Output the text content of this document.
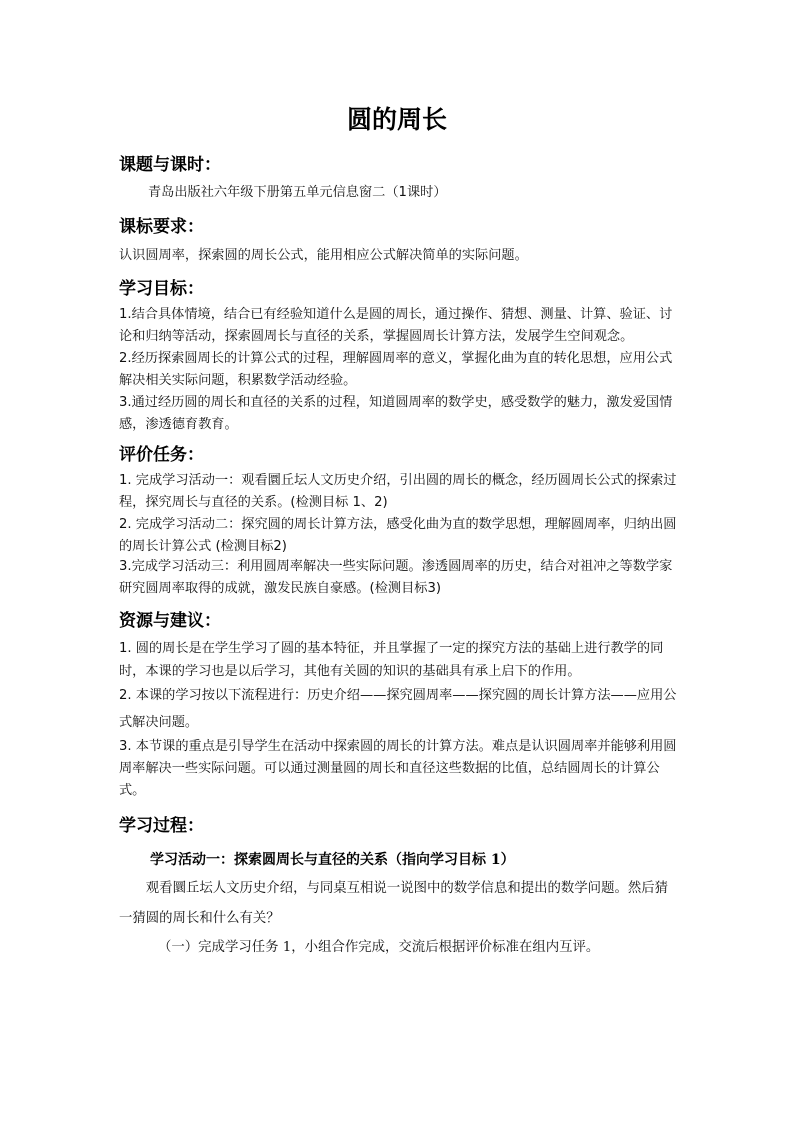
圆的周长
课题与课时：
青岛出版社六年级下册第五单元信息窗二（1课时）
课标要求：
认识圆周率，探索圆的周长公式，能用相应公式解决简单的实际问题。
学习目标：
1.结合具体情境，结合已有经验知道什么是圆的周长，通过操作、猜想、测量、计算、验证、讨论和归纳等活动，探索圆周长与直径的关系，掌握圆周长计算方法，发展学生空间观念。
2.经历探索圆周长的计算公式的过程，理解圆周率的意义，掌握化曲为直的转化思想，应用公式解决相关实际问题，积累数学活动经验。
3.通过经历圆的周长和直径的关系的过程，知道圆周率的数学史，感受数学的魅力，激发爱国情感，渗透德育教育。
评价任务：
1. 完成学习活动一：观看圜丘坛人文历史介绍，引出圆的周长的概念，经历圆周长公式的探索过程，探究周长与直径的关系。(检测目标 1、2)
2. 完成学习活动二：探究圆的周长计算方法，感受化曲为直的数学思想，理解圆周率，归纳出圆的周长计算公式 (检测目标2)
3.完成学习活动三：利用圆周率解决一些实际问题。渗透圆周率的历史，结合对祖冲之等数学家研究圆周率取得的成就，激发民族自豪感。(检测目标3)
资源与建议：
1. 圆的周长是在学生学习了圆的基本特征，并且掌握了一定的探究方法的基础上进行教学的同时，本课的学习也是以后学习，其他有关圆的知识的基础具有承上启下的作用。
2. 本课的学习按以下流程进行：历史介绍——探究圆周率——探究圆的周长计算方法——应用公式解决问题。
3. 本节课的重点是引导学生在活动中探索圆的周长的计算方法。难点是认识圆周率并能够利用圆周率解决一些实际问题。可以通过测量圆的周长和直径这些数据的比值，总结圆周长的计算公式。
学习过程：
学习活动一：探索圆周长与直径的关系（指向学习目标 1）
观看圜丘坛人文历史介绍，与同桌互相说一说图中的数学信息和提出的数学问题。然后猜一猜圆的周长和什么有关？
（一）完成学习任务 1，小组合作完成，交流后根据评价标准在组内互评。
